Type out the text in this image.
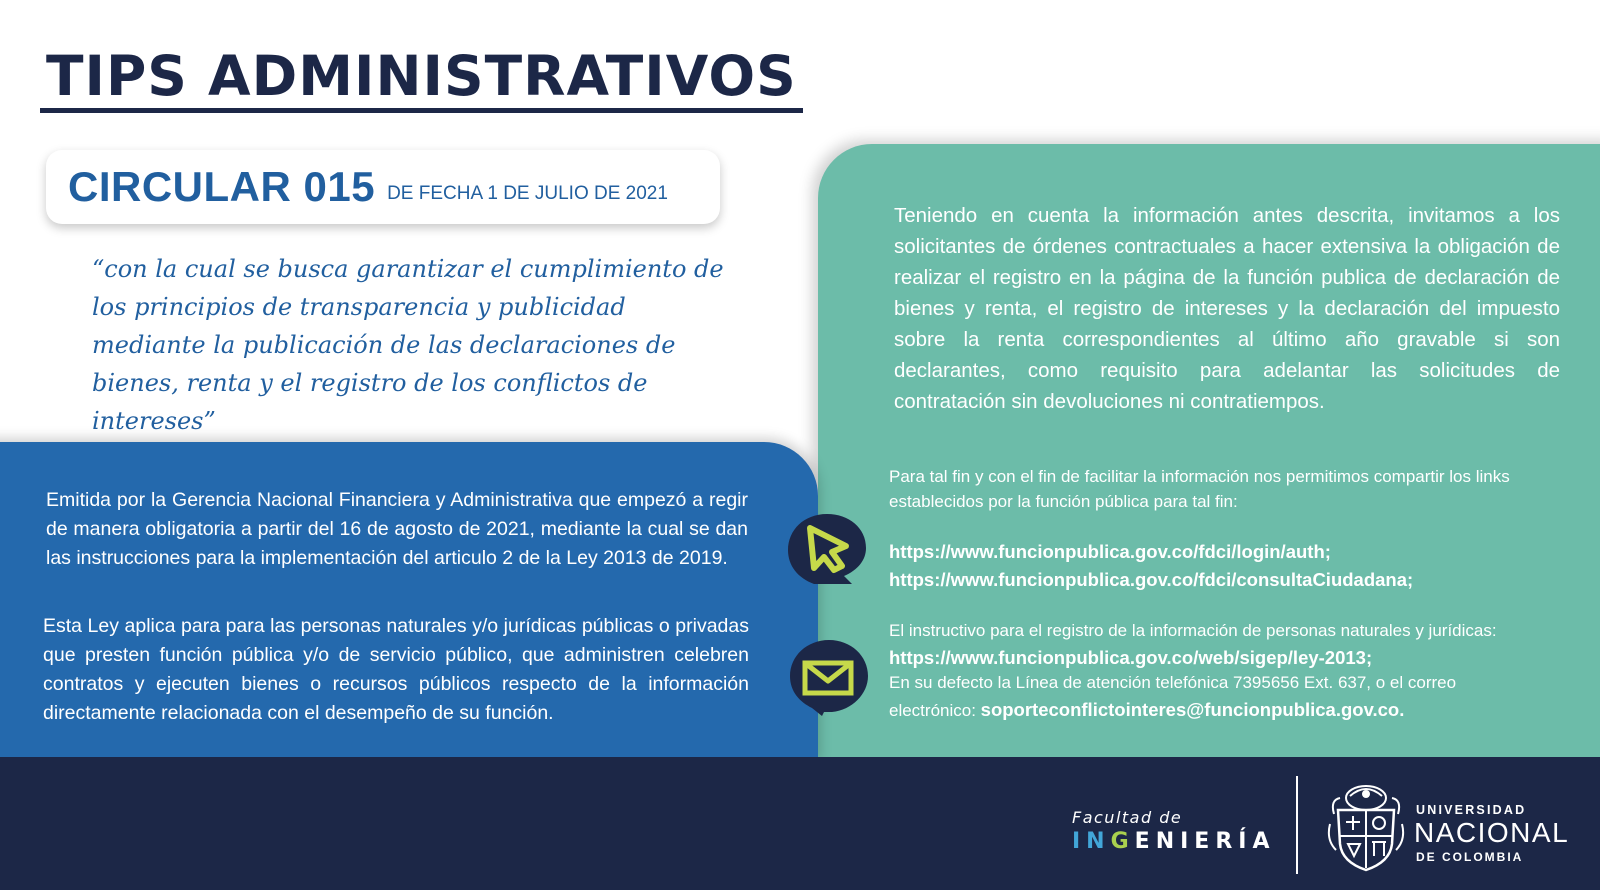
TIPS ADMINISTRATIVOS
CIRCULAR 015 DE FECHA 1 DE JULIO DE 2021
“con la cual se busca garantizar el cumplimiento de los principios de transparencia y publicidad mediante la publicación de las declaraciones de bienes, renta y el registro de los conflictos de intereses”
Teniendo en cuenta la información antes descrita, invitamos a los solicitantes de órdenes contractuales a hacer extensiva la obligación de realizar el registro en la página de la función publica de declaración de bienes y renta, el registro de intereses y la declaración del impuesto sobre la renta correspondientes al último año gravable si son declarantes, como requisito para adelantar las solicitudes de contratación sin devoluciones ni contratiempos.
Para tal fin y con el fin de facilitar la información nos permitimos compartir los links establecidos por la función pública para tal fin:
https://www.funcionpublica.gov.co/fdci/login/auth;
https://www.funcionpublica.gov.co/fdci/consultaCiudadana;
El instructivo para el registro de la información de personas naturales y jurídicas:
https://www.funcionpublica.gov.co/web/sigep/ley-2013;
En su defecto la Línea de atención telefónica 7395656 Ext. 637, o el correo
electrónico: soporteconflictointeres@funcionpublica.gov.co.
Emitida por la Gerencia Nacional Financiera y Administrativa que empezó a regir de manera obligatoria a partir del 16 de agosto de 2021, mediante la cual se dan las instrucciones para la implementación del articulo 2 de la Ley 2013 de 2019.
Esta Ley aplica para para las personas naturales y/o jurídicas públicas o privadas que presten función pública y/o de servicio público, que administren celebren contratos y ejecuten bienes o recursos públicos respecto de la información directamente relacionada con el desempeño de su función.
Facultad de
INGENIERÍA
UNIVERSIDAD
NACIONAL
DE COLOMBIA
